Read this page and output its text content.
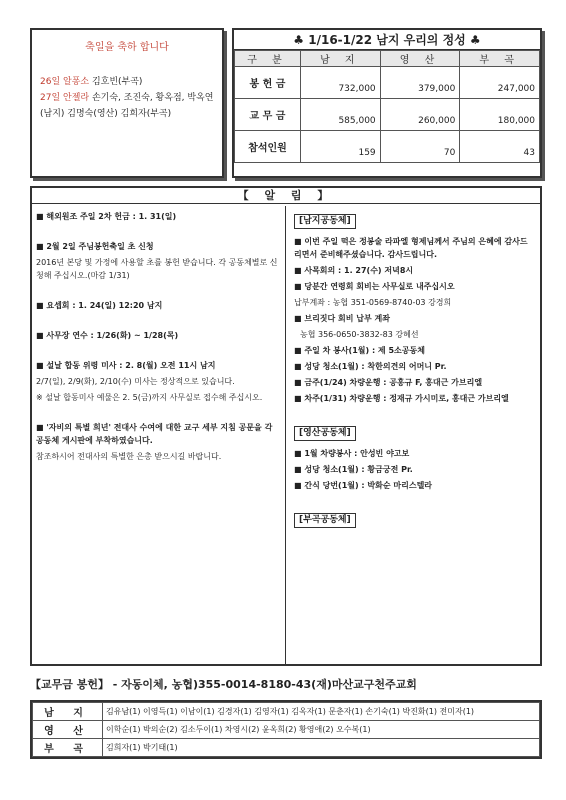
축일을 축하 합니다
26일 알퐁소 김호빈(부곡)
27일 안젤라 손기숙, 조진숙, 황옥점, 박옥연 (남지) 김명숙(영산) 김희자(부곡)
♣ 1/16-1/22 남지 우리의 정성 ♣
구 분	남 지	영 산	부 곡
봉 헌 금	732,000	379,000	247,000
교 무 금	585,000	260,000	180,000
참석인원	159	70	43
【 알 림 】
■ 해외원조 주일 2차 헌금 : 1. 31(일)
■ 2월 2일 주님봉헌축일 초 신청
2016년 본당 및 가정에 사용할 초를 봉헌 받습니다. 각 공동체별로 신청해 주십시오.(마감 1/31)
■ 요셉회 : 1. 24(일) 12:20 남지
■ 사무장 연수 : 1/26(화) ~ 1/28(목)
■ 설날 합동 위령 미사 : 2. 8(월) 오전 11시 남지
2/7(일), 2/9(화), 2/10(수) 미사는 정상적으로 있습니다.
※ 설날 합동미사 예물은 2. 5(금)까지 사무실로 접수해 주십시오.
■ '자비의 특별 희년' 전대사 수여에 대한 교구 세부 지침 공문을 각 공동체 게시판에 부착하였습니다.
참조하시어 전대사의 특별한 은총 받으시길 바랍니다.
[남지공동체]
■ 이번 주일 떡은 정봉술 라파엘 형제님께서 주님의 은혜에 감사드리면서 준비해주셨습니다. 감사드립니다.
■ 사목회의 : 1. 27(수) 저녁8시
■ 당분간 연령회 회비는 사무실로 내주십시오
납부계좌 : 농협 351-0569-8740-03 강경희
■ 브리짓다 회비 납부 계좌
농협 356-0650-3832-83 강혜선
■ 주일 차 봉사(1월) : 제 5소공동체
■ 성당 청소(1월) : 착한의견의 어머니 Pr.
■ 금주(1/24) 차량운행 : 공홍규 F, 홍대근 가브리엘
■ 차주(1/31) 차량운행 : 정재규 가시미로, 홍대근 가브리엘
[영산공동체]
■ 1월 차량봉사 : 안성빈 야고보
■ 성당 청소(1월) : 황금궁전 Pr.
■ 간식 당번(1월) : 박화순 마리스텔라
[부곡공동체]
【교무금 봉헌】 - 자동이체, 농협)355-0014-8180-43(재)마산교구천주교회
남 지	김유남(1) 이영득(1) 이남이(1) 김경자(1) 김영자(1) 김옥자(1) 문춘자(1) 손기숙(1) 박진화(1) 전미자(1)
영 산	이학순(1) 박의순(2) 김소두이(1) 차영시(2) 윤옥희(2) 황영애(2) 오수복(1)
부 곡	김희자(1) 박기태(1)
